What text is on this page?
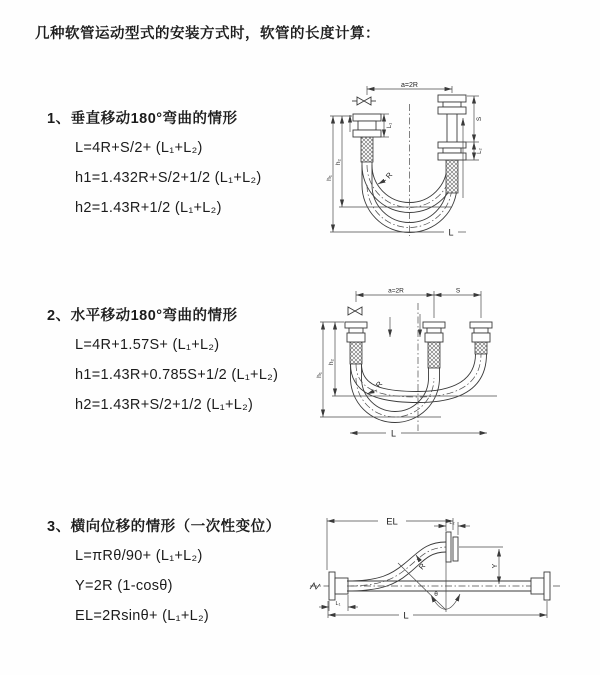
几种软管运动型式的安装方式时，软管的长度计算：
1、垂直移动180°弯曲的情形
L=4R+S/2+ (L₁+L₂)
h1=1.432R+S/2+1/2 (L₁+L₂)
h2=1.43R+1/2 (L₁+L₂)
2、水平移动180°弯曲的情形
L=4R+1.57S+ (L₁+L₂)
h1=1.43R+0.785S+1/2 (L₁+L₂)
h2=1.43R+S/2+1/2 (L₁+L₂)
3、横向位移的情形（一次性变位）
L=πRθ/90+ (L₁+L₂)
Y=2R (1-cosθ)
EL=2Rsinθ+ (L₁+L₂)
a=2R
L₁
S
L₂
h₁
h₂
R
L
a=2R	S
h₁
h₂
R
L
θ
R
EL	L₂
Y
L
L₁
